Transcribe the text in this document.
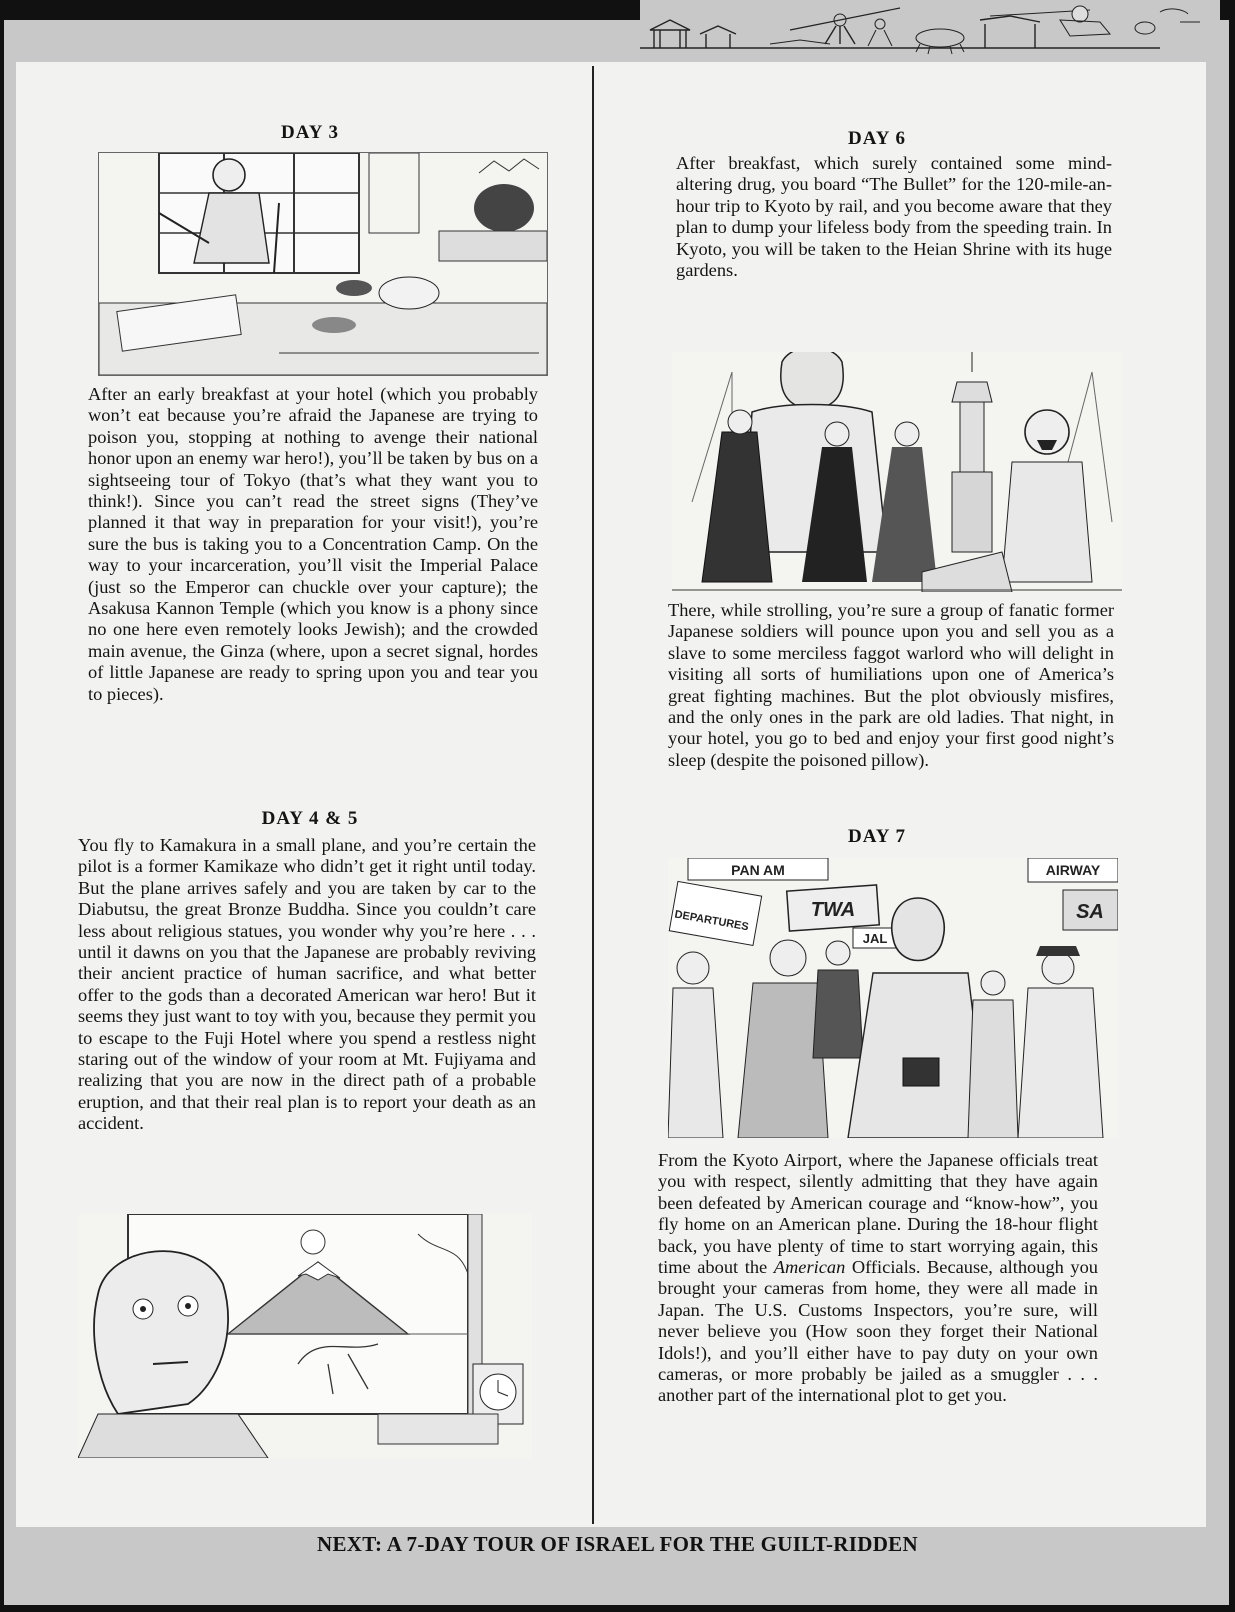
DAY 3

After an early breakfast at your hotel (which you probably won’t eat because you’re afraid the Japanese are trying to poison you, stopping at nothing to avenge their national honor upon an enemy war hero!), you’ll be taken by bus on a sightseeing tour of Tokyo (that’s what they want you to think!). Since you can’t read the street signs (They’ve planned it that way in preparation for your visit!), you’re sure the bus is taking you to a Concentration Camp. On the way to your incarceration, you’ll visit the Imperial Palace (just so the Emperor can chuckle over your capture); the Asakusa Kannon Temple (which you know is a phony since no one here even remotely looks Jewish); and the crowded main avenue, the Ginza (where, upon a secret signal, hordes of little Japanese are ready to spring upon you and tear you to pieces).

DAY 4 & 5

You fly to Kamakura in a small plane, and you’re certain the pilot is a former Kamikaze who didn’t get it right until today. But the plane arrives safely and you are taken by car to the Diabutsu, the great Bronze Buddha. Since you couldn’t care less about religious statues, you wonder why you’re here . . . until it dawns on you that the Japanese are probably reviving their ancient practice of human sacrifice, and what better offer to the gods than a decorated American war hero! But it seems they just want to toy with you, because they permit you to escape to the Fuji Hotel where you spend a restless night staring out of the window of your room at Mt. Fujiyama and realizing that you are now in the direct path of a probable eruption, and that their real plan is to report your death as an accident.

DAY 6

After breakfast, which surely contained some mind-altering drug, you board “The Bullet” for the 120-mile-an-hour trip to Kyoto by rail, and you become aware that they plan to dump your lifeless body from the speeding train. In Kyoto, you will be taken to the Heian Shrine with its huge gardens.

There, while strolling, you’re sure a group of fanatic former Japanese soldiers will pounce upon you and sell you as a slave to some merciless faggot warlord who will delight in visiting all sorts of humiliations upon one of America’s great fighting machines. But the plot obviously misfires, and the only ones in the park are old ladies. That night, in your hotel, you go to bed and enjoy your first good night’s sleep (despite the poisoned pillow).

DAY 7
PAN AM	AIRWAY
TWA
DEPARTURES
JAL
SA

From the Kyoto Airport, where the Japanese officials treat you with respect, silently admitting that they have again been defeated by American courage and “know-how”, you fly home on an American plane. During the 18-hour flight back, you have plenty of time to start worrying again, this time about the American Officials. Because, although you brought your cameras from home, they were all made in Japan. The U.S. Customs Inspectors, you’re sure, will never believe you (How soon they forget their National Idols!), and you’ll either have to pay duty on your own cameras, or more probably be jailed as a smuggler . . . another part of the international plot to get you.

NEXT: A 7-DAY TOUR OF ISRAEL FOR THE GUILT-RIDDEN
